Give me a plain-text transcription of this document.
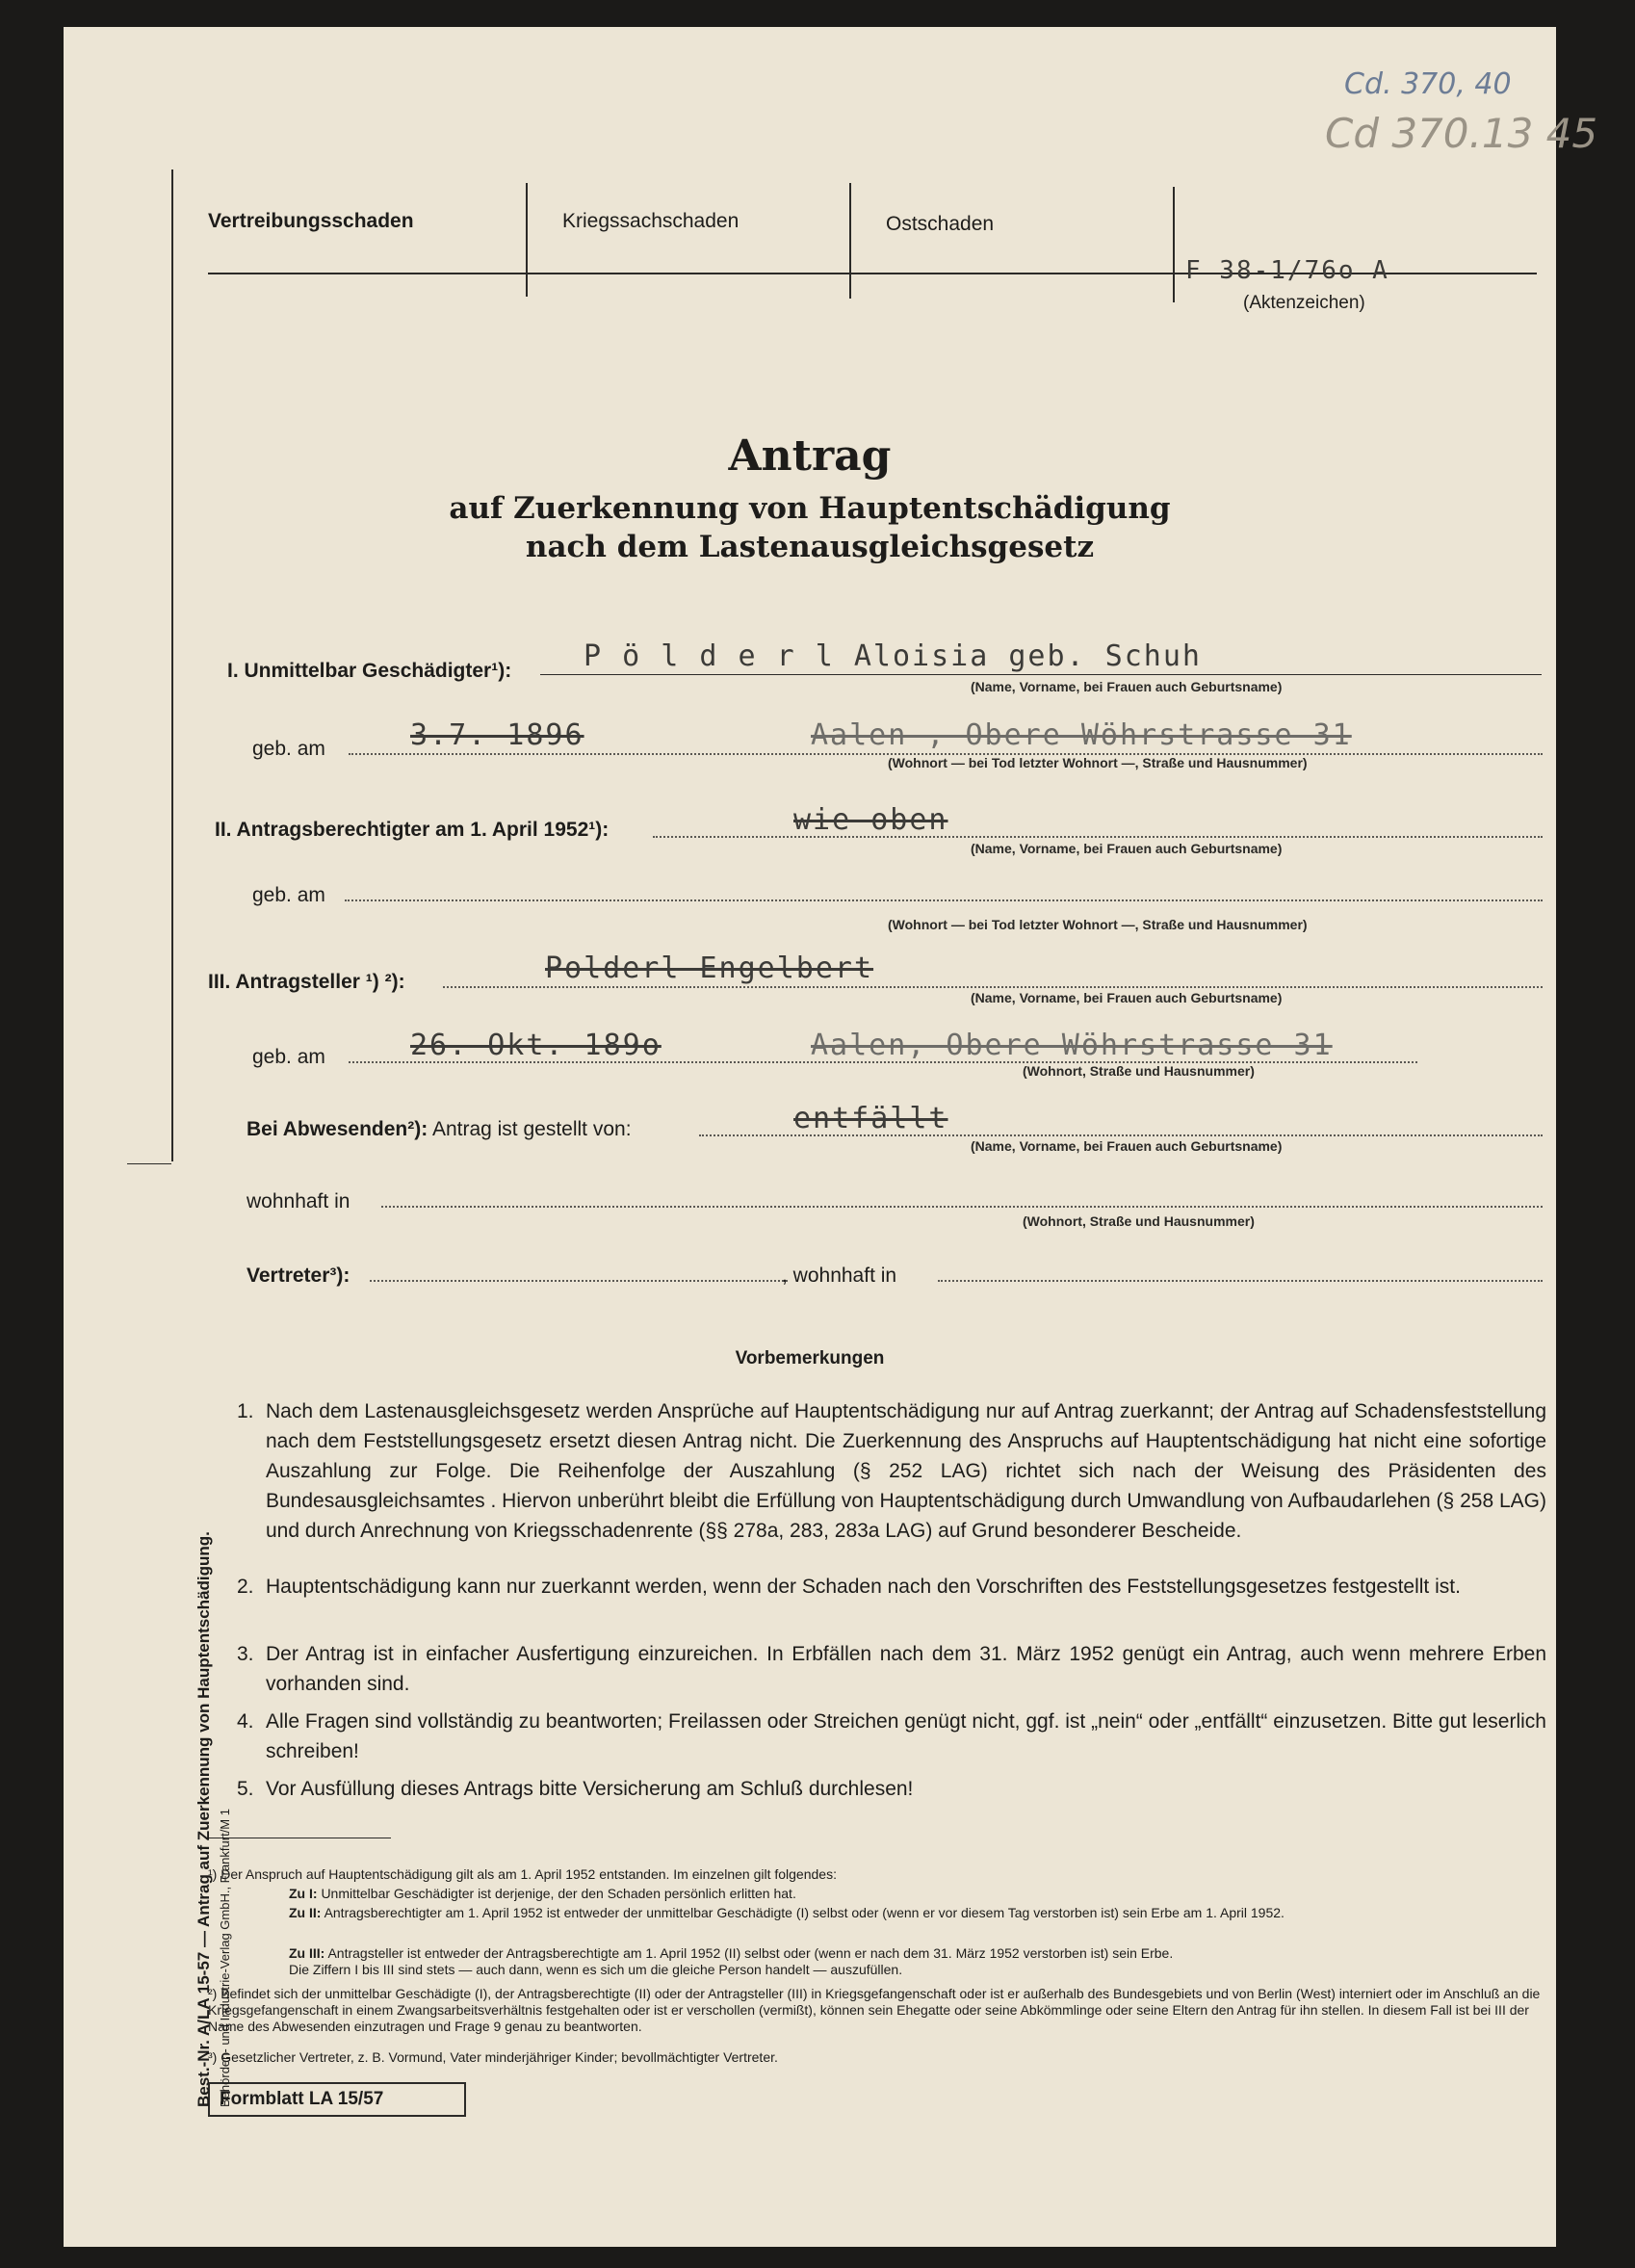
Cd. 370, 40
Cd 370.13 45
Vertreibungsschaden	Kriegssachschaden	Ostschaden
F 38-1/76o A
(Aktenzeichen)
Antrag
auf Zuerkennung von Hauptentschädigung
nach dem Lastenausgleichsgesetz
I. Unmittelbar Geschädigter¹): P ö l d e r l Aloisia geb. Schuh
(Name, Vorname, bei Frauen auch Geburtsname)
geb. am	3.7. 1896	Aalen , Obere Wöhrstrasse 31
(Wohnort — bei Tod letzter Wohnort —, Straße und Hausnummer)
II. Antragsberechtigter am 1. April 1952¹):	wie oben
(Name, Vorname, bei Frauen auch Geburtsname)
geb. am
(Wohnort — bei Tod letzter Wohnort —, Straße und Hausnummer)
III. Antragsteller ¹) ²):	Polderl Engelbert
(Name, Vorname, bei Frauen auch Geburtsname)
geb. am	26. Okt. 189o	Aalen, Obere Wöhrstrasse 31
(Wohnort, Straße und Hausnummer)
Bei Abwesenden²): Antrag ist gestellt von:	entfällt
(Name, Vorname, bei Frauen auch Geburtsname)
wohnhaft in
(Wohnort, Straße und Hausnummer)
Vertreter³):	, wohnhaft in
Vorbemerkungen
1. Nach dem Lastenausgleichsgesetz werden Ansprüche auf Hauptentschädigung nur auf Antrag zuerkannt; der Antrag auf Schadensfeststellung nach dem Feststellungsgesetz ersetzt diesen Antrag nicht. Die Zuerkennung des Anspruchs auf Hauptentschädigung hat nicht eine sofortige Auszahlung zur Folge. Die Reihenfolge der Auszahlung (§ 252 LAG) richtet sich nach der Weisung des Präsidenten des Bundesausgleichsamtes . Hiervon unberührt bleibt die Erfüllung von Hauptentschädigung durch Umwandlung von Aufbaudarlehen (§ 258 LAG) und durch Anrechnung von Kriegsschadenrente (§§ 278a, 283, 283a LAG) auf Grund besonderer Bescheide.
2. Hauptentschädigung kann nur zuerkannt werden, wenn der Schaden nach den Vorschriften des Feststellungsgesetzes festgestellt ist.
3. Der Antrag ist in einfacher Ausfertigung einzureichen. In Erbfällen nach dem 31. März 1952 genügt ein Antrag, auch wenn mehrere Erben vorhanden sind.
4. Alle Fragen sind vollständig zu beantworten; Freilassen oder Streichen genügt nicht, ggf. ist „nein“ oder „entfällt“ einzusetzen. Bitte gut leserlich schreiben!
5. Vor Ausfüllung dieses Antrags bitte Versicherung am Schluß durchlesen!
¹) Der Anspruch auf Hauptentschädigung gilt als am 1. April 1952 entstanden. Im einzelnen gilt folgendes:
Zu I: Unmittelbar Geschädigter ist derjenige, der den Schaden persönlich erlitten hat.
Zu II: Antragsberechtigter am 1. April 1952 ist entweder der unmittelbar Geschädigte (I) selbst oder (wenn er vor diesem Tag verstorben ist) sein Erbe am 1. April 1952.
Zu III: Antragsteller ist entweder der Antragsberechtigte am 1. April 1952 (II) selbst oder (wenn er nach dem 31. März 1952 verstorben ist) sein Erbe.
Die Ziffern I bis III sind stets — auch dann, wenn es sich um die gleiche Person handelt — auszufüllen.
²) Befindet sich der unmittelbar Geschädigte (I), der Antragsberechtigte (II) oder der Antragsteller (III) in Kriegsgefangenschaft oder ist er außerhalb des Bundesgebiets und von Berlin (West) interniert oder im Anschluß an die Kriegsgefangenschaft in einem Zwangsarbeitsverhältnis festgehalten oder ist er verschollen (vermißt), können sein Ehegatte oder seine Abkömmlinge oder seine Eltern den Antrag für ihn stellen. In diesem Fall ist bei III der Name des Abwesenden einzutragen und Frage 9 genau zu beantworten.
³) Gesetzlicher Vertreter, z. B. Vormund, Vater minderjähriger Kinder; bevollmächtigter Vertreter.
Formblatt LA 15/57
Best.-Nr. A/LA 15-57 — Antrag auf Zuerkennung von Hauptentschädigung. Behörden- und Industrie-Verlag GmbH., Frankfurt/M 1
